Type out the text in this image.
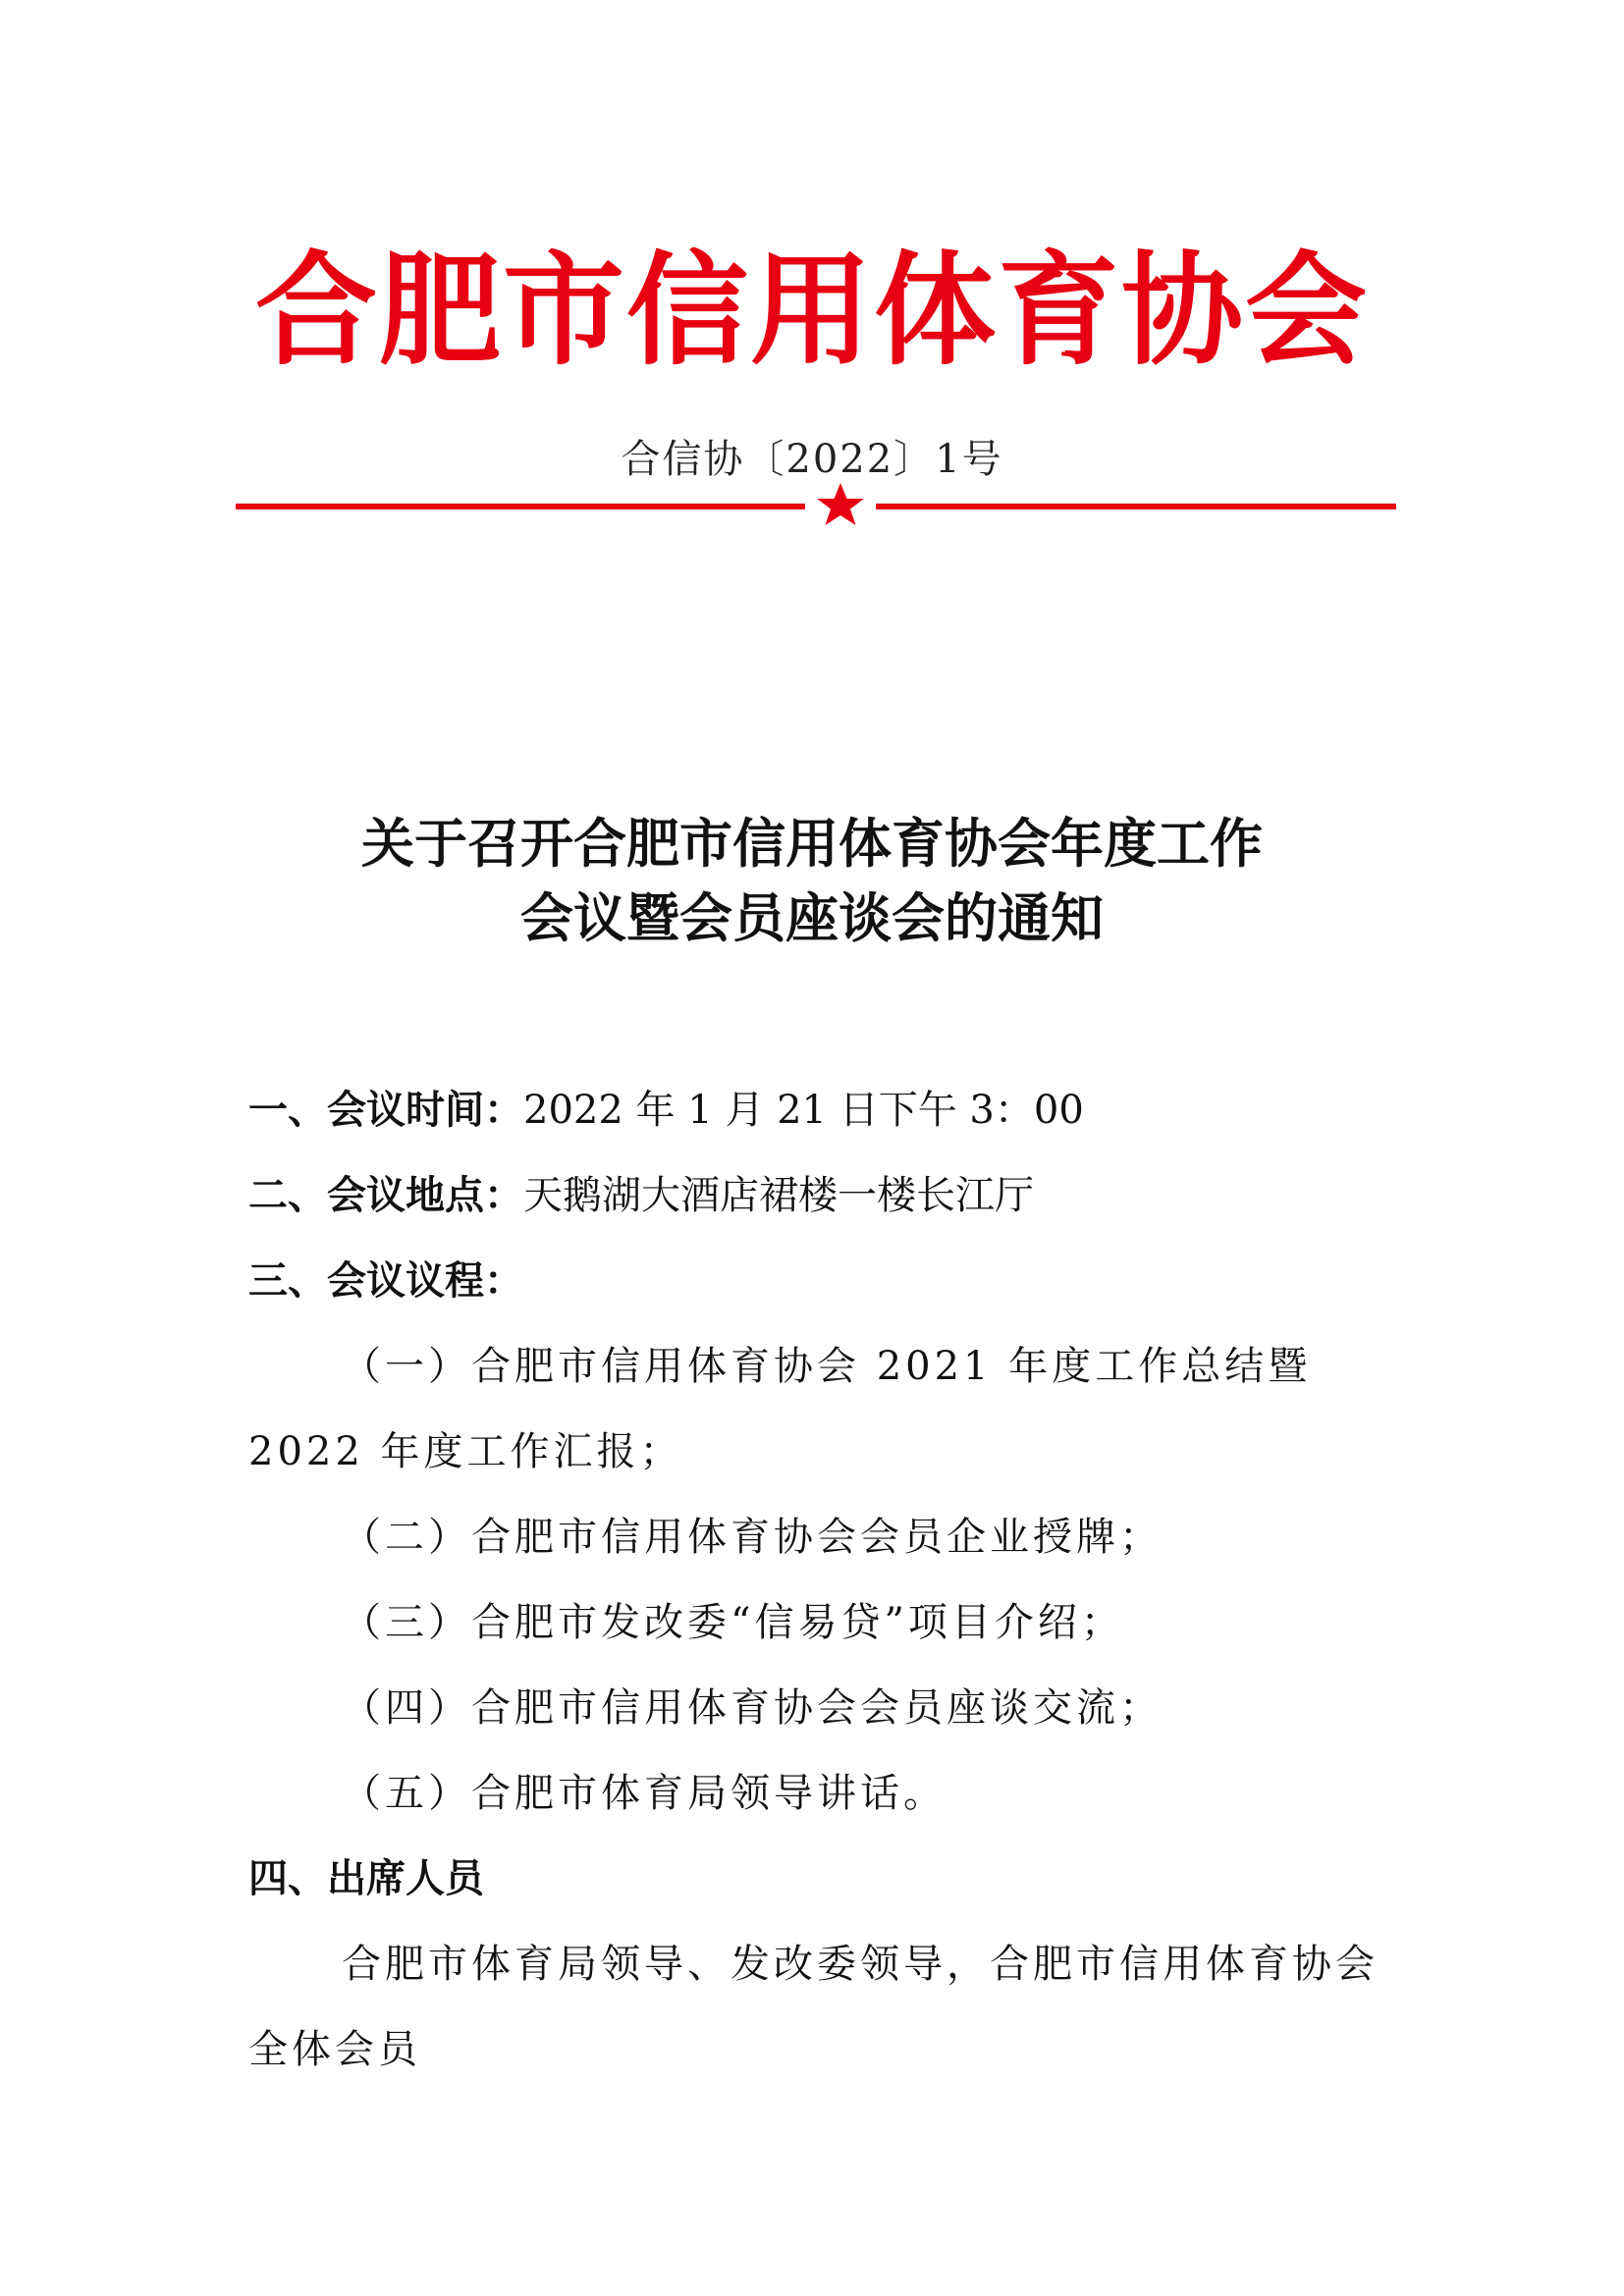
合肥市信用体育协会
合信协〔2022〕1号
关于召开合肥市信用体育协会年度工作
会议暨会员座谈会的通知
一、会议时间：2022 年 1 月 21 日下午 3：00
二、会议地点：天鹅湖大酒店裙楼一楼长江厅
三、会议议程：
（一）合肥市信用体育协会 2021 年度工作总结暨 2022 年度工作汇报；
（二）合肥市信用体育协会会员企业授牌；
（三）合肥市发改委“信易贷”项目介绍；
（四）合肥市信用体育协会会员座谈交流；
（五）合肥市体育局领导讲话。
四、出席人员
合肥市体育局领导、发改委领导，合肥市信用体育协会全体会员
